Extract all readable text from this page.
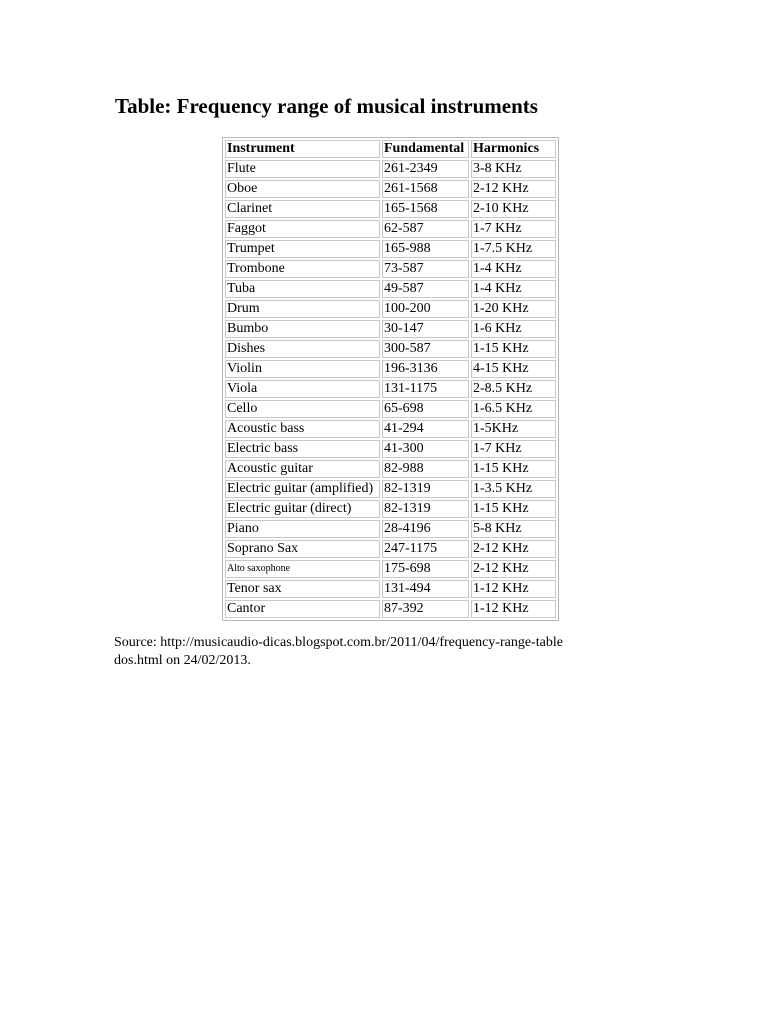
Table: Frequency range of musical instruments
Instrument	Fundamental	Harmonics
Flute	261-2349	3-8 KHz
Oboe	261-1568	2-12 KHz
Clarinet	165-1568	2-10 KHz
Faggot	62-587	1-7 KHz
Trumpet	165-988	1-7.5 KHz
Trombone	73-587	1-4 KHz
Tuba	49-587	1-4 KHz
Drum	100-200	1-20 KHz
Bumbo	30-147	1-6 KHz
Dishes	300-587	1-15 KHz
Violin	196-3136	4-15 KHz
Viola	131-1175	2-8.5 KHz
Cello	65-698	1-6.5 KHz
Acoustic bass	41-294	1-5KHz
Electric bass	41-300	1-7 KHz
Acoustic guitar	82-988	1-15 KHz
Electric guitar (amplified)	82-1319	1-3.5 KHz
Electric guitar (direct)	82-1319	1-15 KHz
Piano	28-4196	5-8 KHz
Soprano Sax	247-1175	2-12 KHz
Alto saxophone	175-698	2-12 KHz
Tenor sax	131-494	1-12 KHz
Cantor	87-392	1-12 KHz
Source: http://musicaudio-dicas.blogspot.com.br/2011/04/frequency-range-table
dos.html on 24/02/2013.
